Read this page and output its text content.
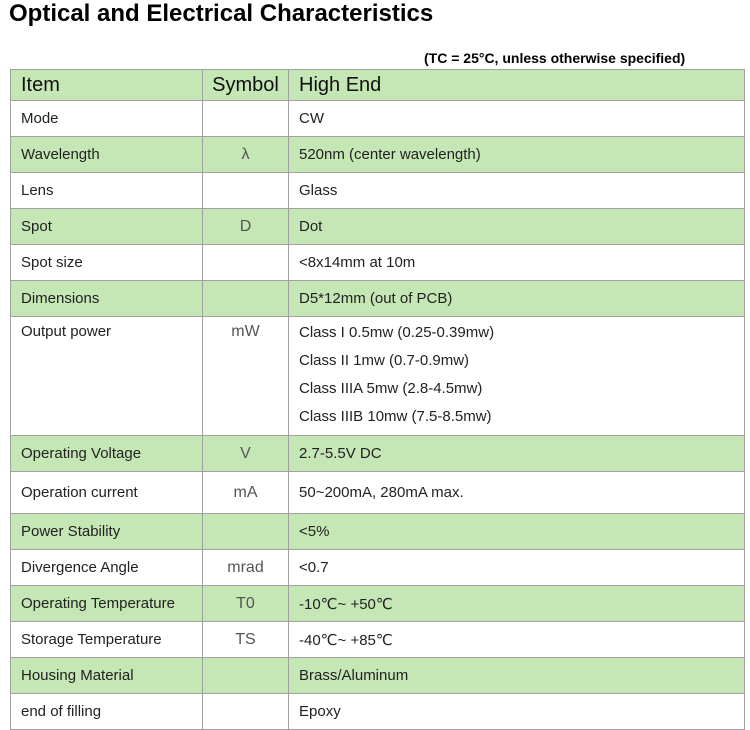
Optical and Electrical Characteristics
(TC = 25°C, unless otherwise specified)
Item	Symbol	High End
Mode		CW
Wavelength	λ	520nm (center wavelength)
Lens		Glass
Spot	D	Dot
Spot size		<8x14mm at 10m
Dimensions		D5*12mm (out of PCB)
Output power	mW	Class I 0.5mw (0.25-0.39mw)
Class II 1mw (0.7-0.9mw)
Class IIIA 5mw (2.8-4.5mw)
Class IIIB 10mw (7.5-8.5mw)

Operating Voltage	V	2.7-5.5V DC
Operation current	mA	50~200mA, 280mA max.
Power Stability		<5%
Divergence Angle	mrad	<0.7
Operating Temperature	T0	-10℃~ +50℃
Storage Temperature	TS	-40℃~ +85℃
Housing Material		Brass/Aluminum
end of filling		Epoxy
